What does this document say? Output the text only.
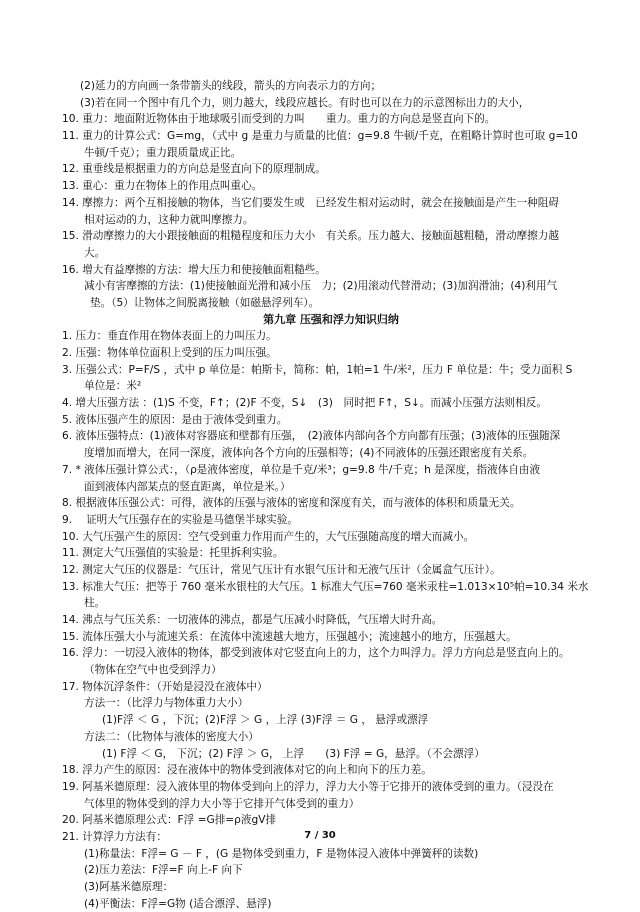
(2)延力的方向画一条带箭头的线段，箭头的方向表示力的方向；
(3)若在同一个图中有几个力，则力越大，线段应越长。有时也可以在力的示意图标出力的大小，
10. 重力：地面附近物体由于地球吸引而受到的力叫　　重力。重力的方向总是竖直向下的。
11. 重力的计算公式：G=mg，（式中 g 是重力与质量的比值：g=9.8 牛顿/千克，在粗略计算时也可取 g=10
牛顿/千克）；重力跟质量成正比。
12. 重垂线是根据重力的方向总是竖直向下的原理制成。
13. 重心：重力在物体上的作用点叫重心。
14. 摩擦力：两个互相接触的物体，当它们要发生或　已经发生相对运动时，就会在接触面是产生一种阻碍
相对运动的力，这种力就叫摩擦力。
15. 滑动摩擦力的大小跟接触面的粗糙程度和压力大小　有关系。压力越大、接触面越粗糙，滑动摩擦力越
大。
16. 增大有益摩擦的方法：增大压力和使接触面粗糙些。
减小有害摩擦的方法：(1)使接触面光滑和减小压　力；(2)用滚动代替滑动；(3)加润滑油；(4)利用气
垫。（5）让物体之间脱离接触（如磁悬浮列车）。
第九章 压强和浮力知识归纳
1. 压力：垂直作用在物体表面上的力叫压力。
2. 压强：物体单位面积上受到的压力叫压强。
3. 压强公式：P=F/S ，式中 p 单位是：帕斯卡，简称：帕，1帕=1 牛/米²，压力 F 单位是：牛；受力面积 S
单位是：米²
4. 增大压强方法 ：(1)S 不变，F↑；(2)F 不变，S↓　(3)　同时把 F↑，S↓。而减小压强方法则相反。
5. 液体压强产生的原因：是由于液体受到重力。
6. 液体压强特点：(1)液体对容器底和壁都有压强，　(2)液体内部向各个方向都有压强；(3)液体的压强随深
度增加而增大，在同一深度，液体向各个方向的压强相等；(4)不同液体的压强还跟密度有关系。
7. * 液体压强计算公式：，（ρ是液体密度，单位是千克/米³；g=9.8 牛/千克；h 是深度，指液体自由液
面到液体内部某点的竖直距离，单位是米。）
8. 根据液体压强公式：可得，液体的压强与液体的密度和深度有关，而与液体的体积和质量无关。
9. 　证明大气压强存在的实验是马德堡半球实验。
10. 大气压强产生的原因：空气受到重力作用而产生的，大气压强随高度的增大而减小。
11. 测定大气压强值的实验是：托里拆利实验。
12. 测定大气压的仪器是：气压计，常见气压计有水银气压计和无液气压计（金属盒气压计）。
13. 标准大气压：把等于 760 毫米水银柱的大气压。1 标准大气压=760 毫米汞柱=1.013×10⁵帕=10.34 米水
柱。
14. 沸点与气压关系：一切液体的沸点，都是气压减小时降低，气压增大时升高。
15. 流体压强大小与流速关系：在流体中流速越大地方，压强越小；流速越小的地方，压强越大。
16. 浮力：一切浸入液体的物体，都受到液体对它竖直向上的力，这个力叫浮力。浮力方向总是竖直向上的。
（物体在空气中也受到浮力）
17. 物体沉浮条件：（开始是浸没在液体中）
方法一：（比浮力与物体重力大小）
(1)F浮 ＜ G ，下沉；(2)F浮 ＞ G ，上浮 (3)F浮 ＝ G ， 悬浮或漂浮
方法二：（比物体与液体的密度大小）
(1) F浮 ＜ G， 下沉；(2) F浮 ＞ G， 上浮　　(3) F浮 = G，悬浮。（不会漂浮）
18. 浮力产生的原因：浸在液体中的物体受到液体对它的向上和向下的压力差。
19. 阿基米德原理：浸入液体里的物体受到向上的浮力，浮力大小等于它排开的液体受到的重力。（浸没在
气体里的物体受到的浮力大小等于它排开气体受到的重力）
20. 阿基米德原理公式：F浮 =G排=ρ液gV排
21. 计算浮力方法有：
(1)称量法：F浮= G － F ，(G 是物体受到重力，F 是物体浸入液体中弹簧秤的读数)
(2)压力差法：F浮=F 向上-F 向下
(3)阿基米德原理：
(4)平衡法：F浮=G物 (适合漂浮、悬浮)
7 / 30
